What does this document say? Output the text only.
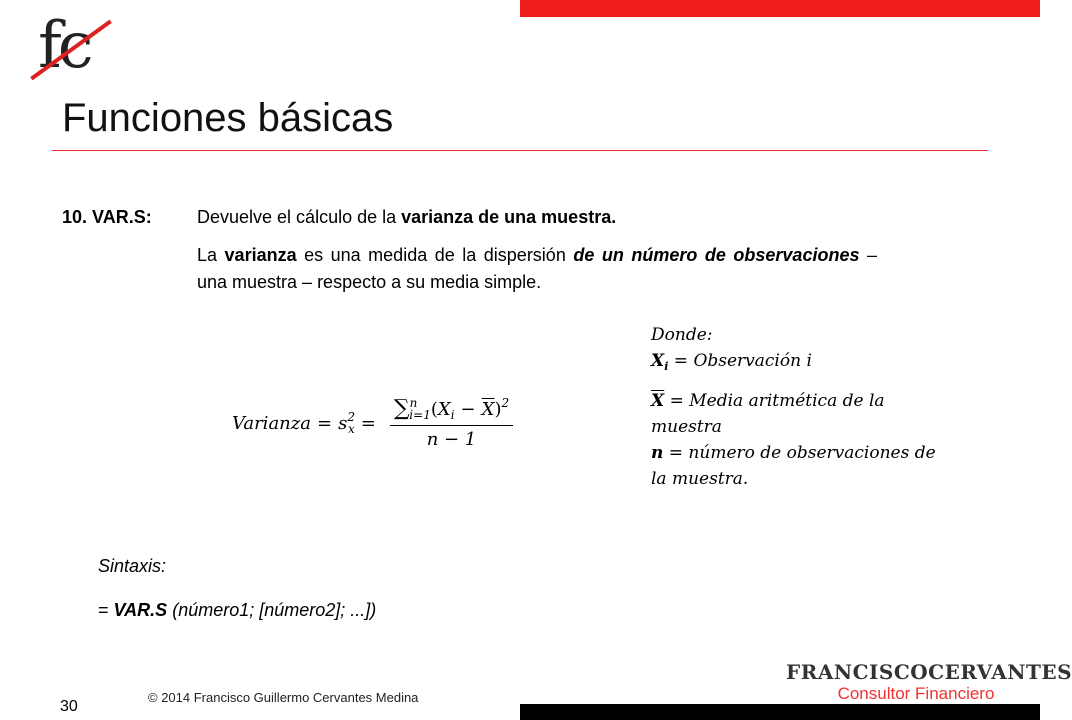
fc
Funciones básicas
10. VAR.S:	Devuelve el cálculo de la varianza de una muestra.
La varianza es una medida de la dispersión de un número de observaciones – una muestra – respecto a su media simple.
Varianza = $s^2_x = \frac{\sum^n_{i=1}(X_i - \overline{X})^2}{n - 1}$
Donde:
$X_i$ = Observación i
$\overline{X}$ = Media aritmética de la muestra
n = número de observaciones de la muestra.
Sintaxis:
= VAR.S (número1; [número2]; ...])
© 2014 Francisco Guillermo Cervantes Medina
30
FRANCISCOCERVANTES
Consultor Financiero
